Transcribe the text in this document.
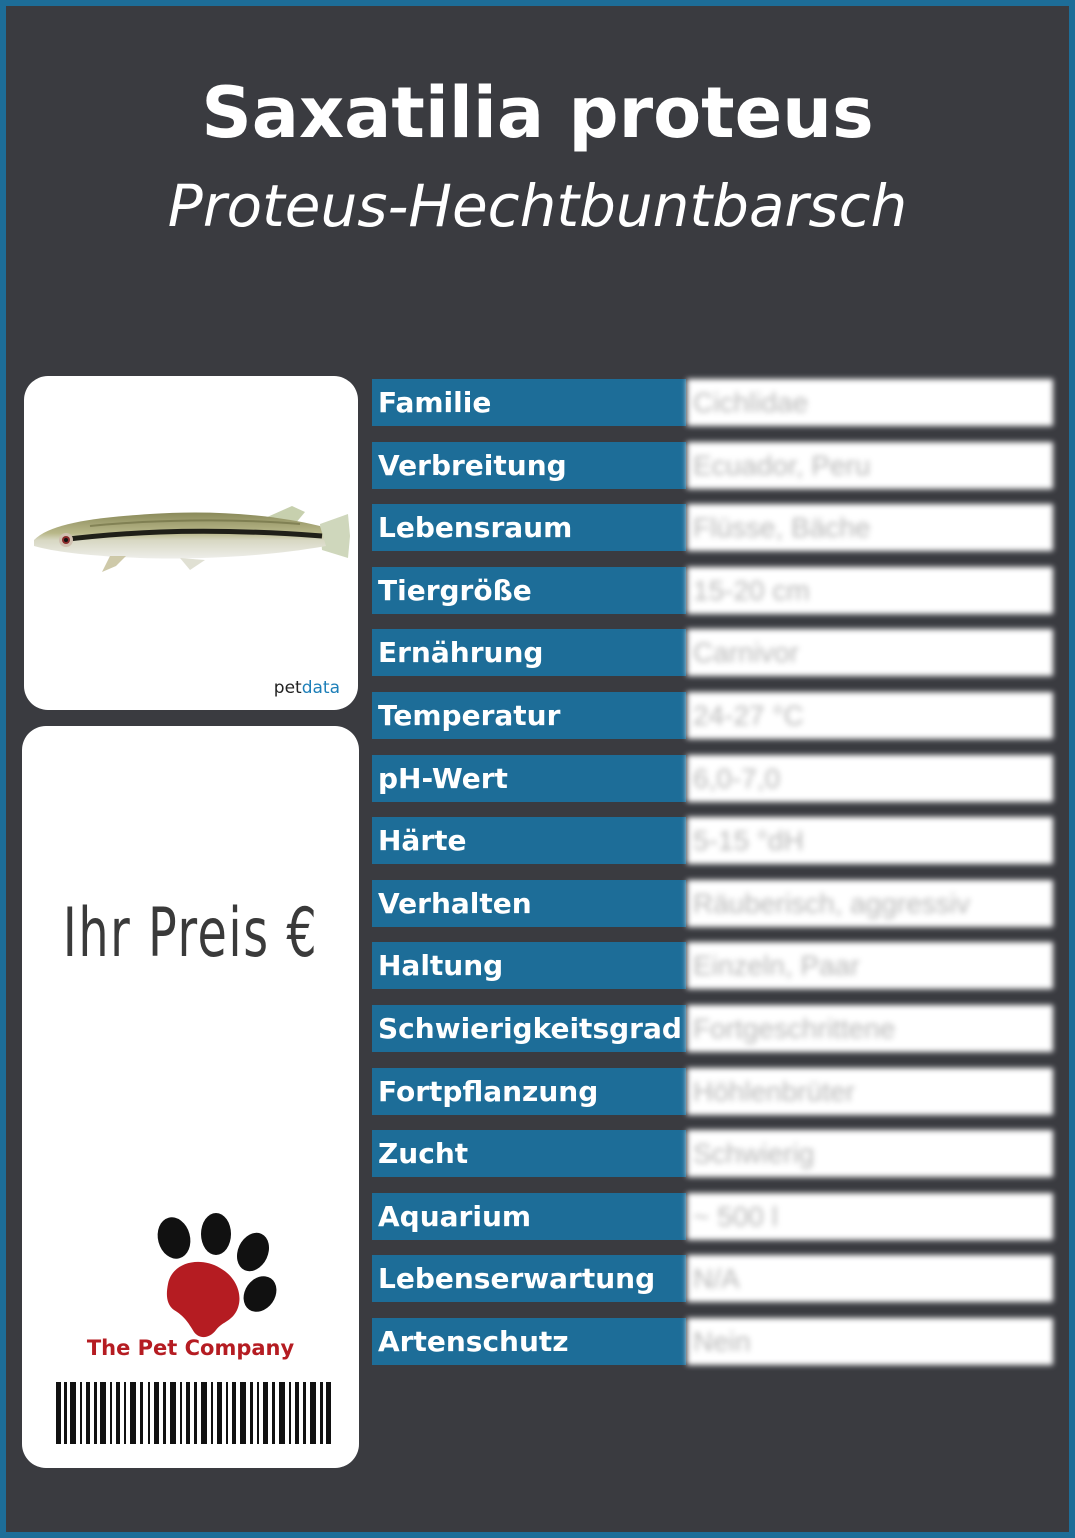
Saxatilia proteus
Proteus-Hechtbuntbarsch
petdata
Ihr Preis €
The Pet Company
Familie	Cichlidae
Verbreitung	Ecuador, Peru
Lebensraum	Flüsse, Bäche
Tiergröße	15-20 cm
Ernährung	Carnivor
Temperatur	24-27 °C
pH-Wert	6,0-7,0
Härte	5-15 °dH
Verhalten	Räuberisch, aggressiv
Haltung	Einzeln, Paar
Schwierigkeitsgrad Fortgeschrittene
Fortpflanzung	Höhlenbrüter
Zucht	Schwierig
Aquarium	~ 500 l
Lebenserwartung	N/A
Artenschutz	Nein
